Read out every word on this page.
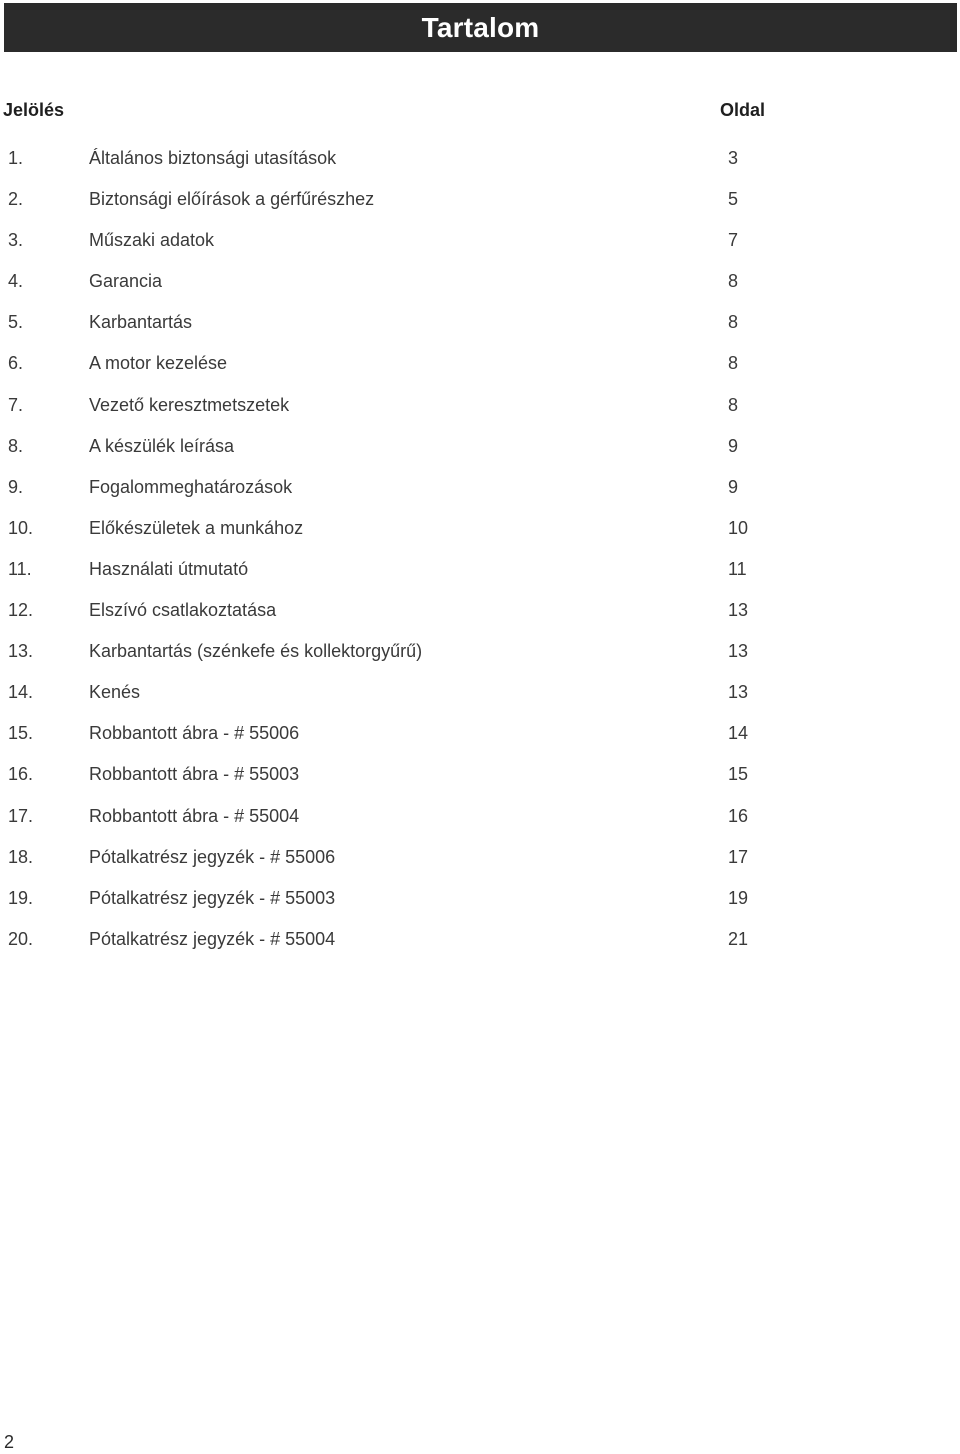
Tartalom
Jelölés	Oldal
1.	Általános biztonsági utasítások	3
2.	Biztonsági előírások a gérfűrészhez	5
3.	Műszaki adatok	7
4.	Garancia	8
5.	Karbantartás	8
6.	A motor kezelése	8
7.	Vezető keresztmetszetek	8
8.	A készülék leírása	9
9.	Fogalommeghatározások	9
10.	Előkészületek a munkához	10
11.	Használati útmutató	11
12.	Elszívó csatlakoztatása	13
13.	Karbantartás (szénkefe és kollektorgyűrű)	13
14.	Kenés	13
15.	Robbantott ábra - # 55006	14
16.	Robbantott ábra - # 55003	15
17.	Robbantott ábra - # 55004	16
18.	Pótalkatrész jegyzék - # 55006	17
19.	Pótalkatrész jegyzék - # 55003	19
20.	Pótalkatrész jegyzék - # 55004	21
2
